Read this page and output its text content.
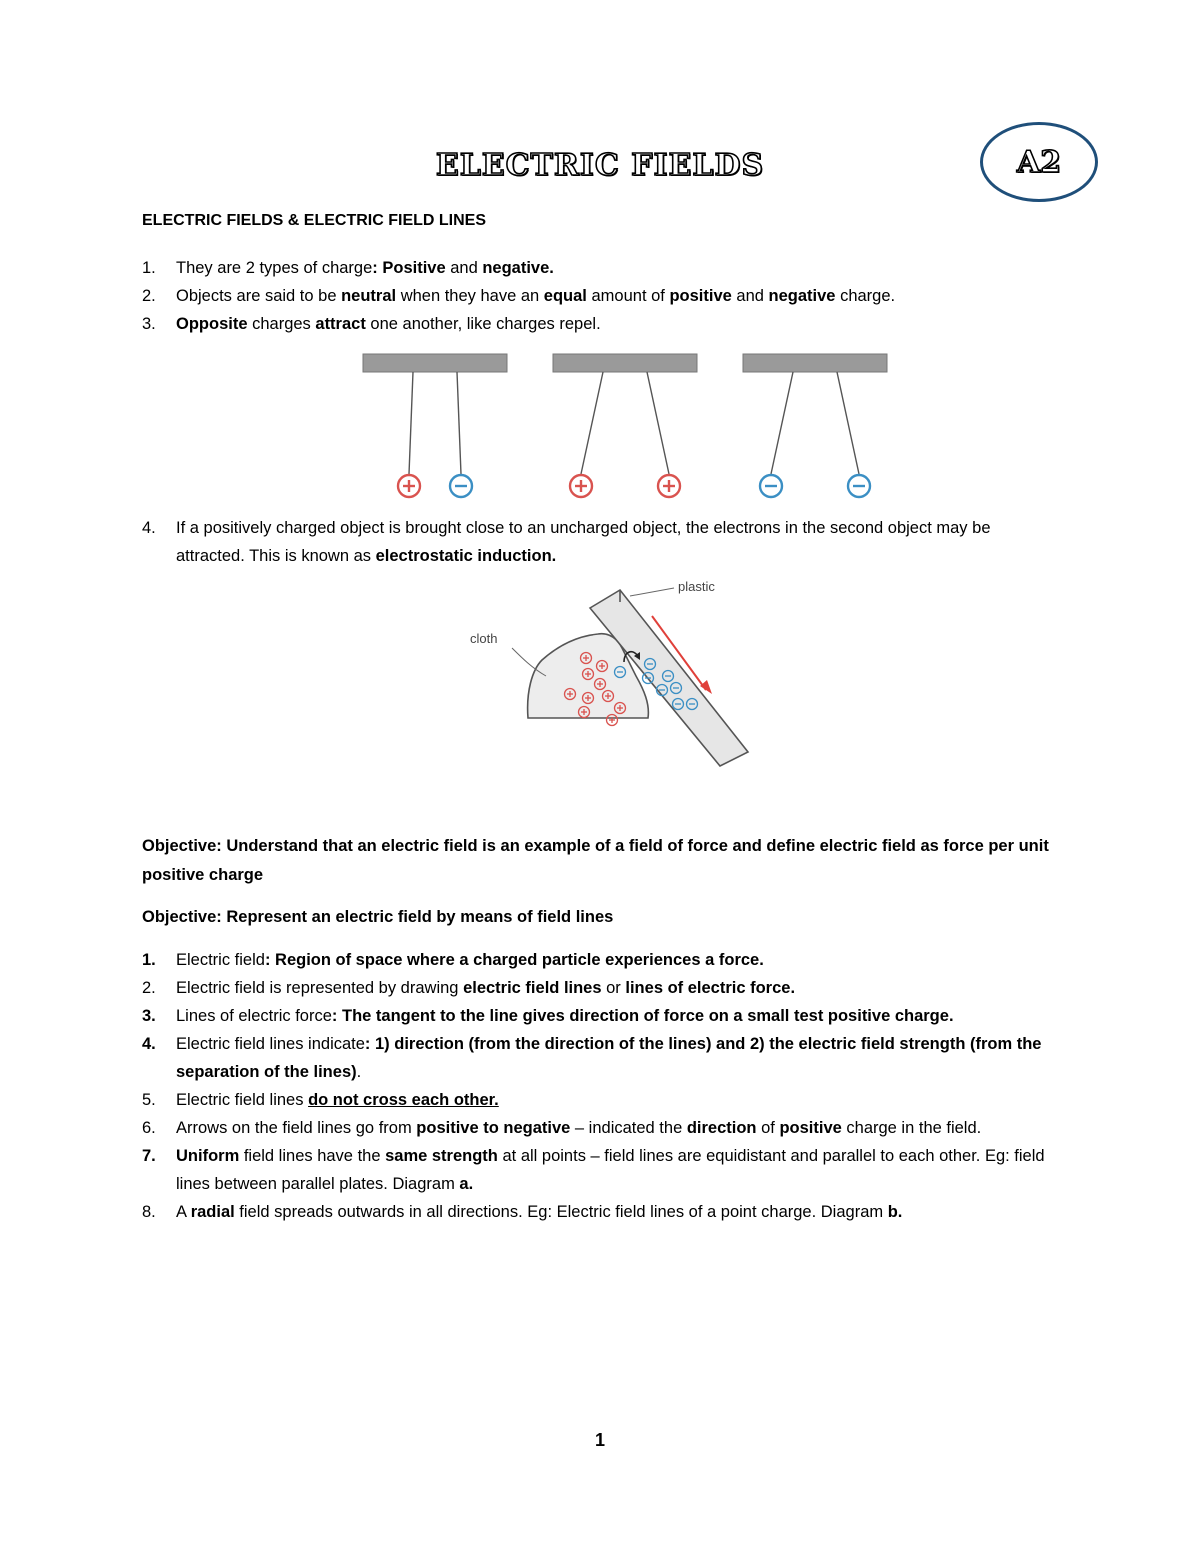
ELECTRIC FIELDS	A2
ELECTRIC FIELDS & ELECTRIC FIELD LINES
1. They are 2 types of charge: Positive and negative.
2. Objects are said to be neutral when they have an equal amount of positive and negative charge.
3. Opposite charges attract one another, like charges repel.
4. If a positively charged object is brought close to an uncharged object, the electrons in the second object may be attracted. This is known as electrostatic induction.
plastic
cloth
Objective: Understand that an electric field is an example of a field of force and define electric field as force per unit positive charge
Objective: Represent an electric field by means of field lines
1. Electric field: Region of space where a charged particle experiences a force.
2. Electric field is represented by drawing electric field lines or lines of electric force.
3. Lines of electric force: The tangent to the line gives direction of force on a small test positive charge.
4. Electric field lines indicate: 1) direction (from the direction of the lines) and 2) the electric field strength (from the separation of the lines).
5. Electric field lines do not cross each other.
6. Arrows on the field lines go from positive to negative – indicated the direction of positive charge in the field.
7. Uniform field lines have the same strength at all points – field lines are equidistant and parallel to each other. Eg: field lines between parallel plates. Diagram a.
8. A radial field spreads outwards in all directions. Eg: Electric field lines of a point charge. Diagram b.
1
